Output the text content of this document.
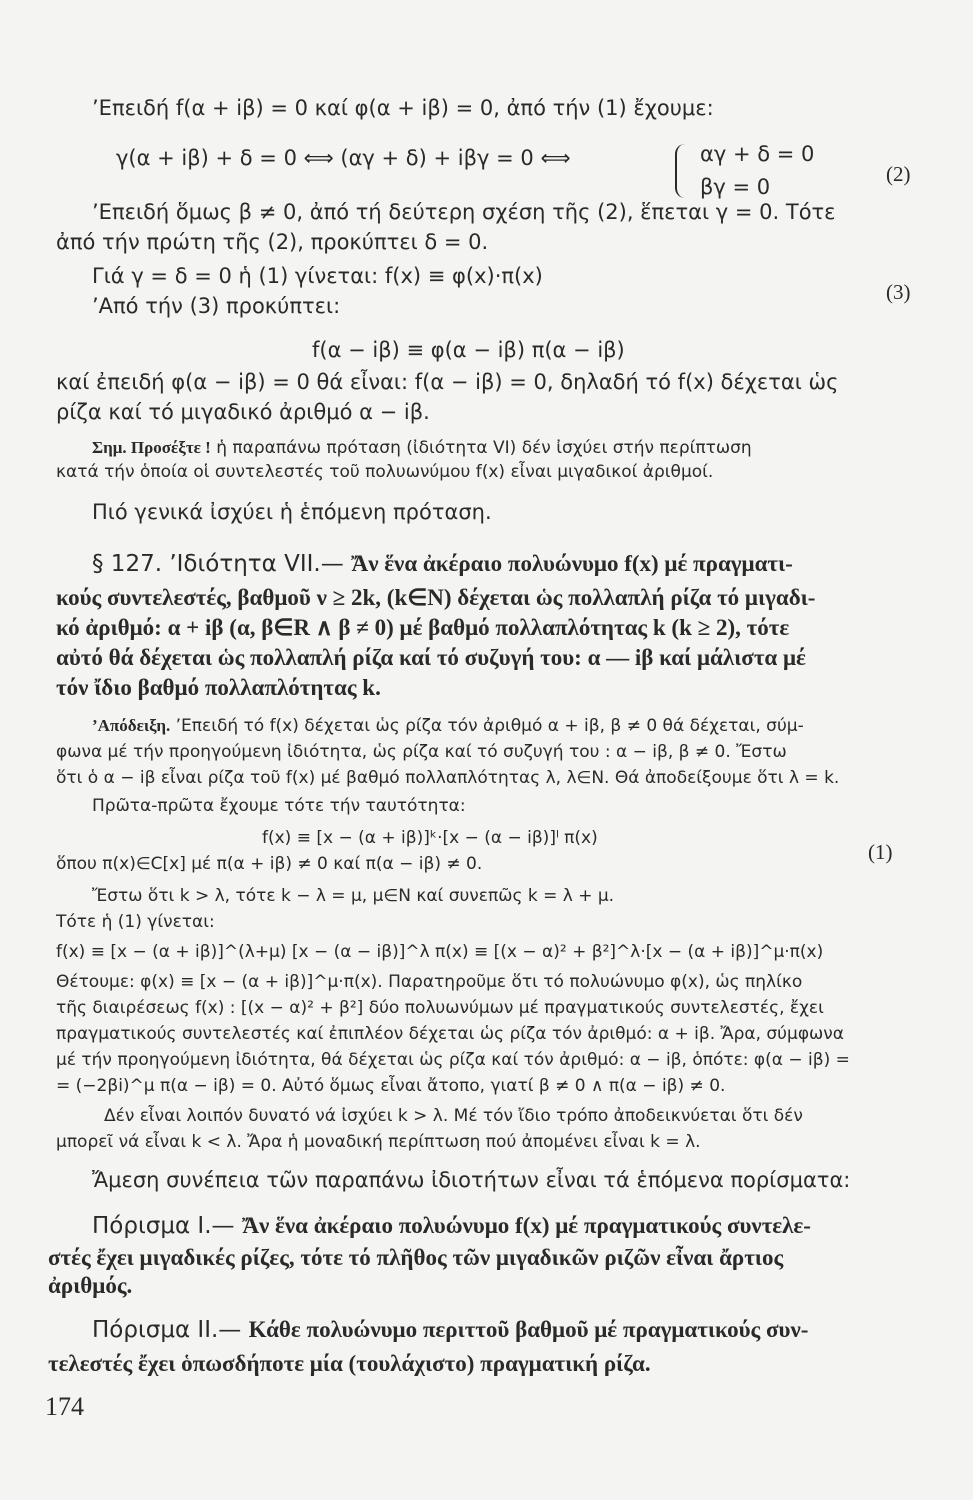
’Επειδή f(α + iβ) = 0 καί φ(α + iβ) = 0, ἀπό τήν (1) ἔχουμε:
γ(α + iβ) + δ = 0 ⟺ (αγ + δ) + iβγ = 0 ⟺	αγ + δ = 0
βγ = 0
(2)
’Επειδή ὅμως β ≠ 0, ἀπό τή δεύτερη σχέση τῆς (2), ἕπεται γ = 0. Τότε
ἀπό τήν πρώτη τῆς (2), προκύπτει δ = 0.
Γιά γ = δ = 0 ἡ (1) γίνεται: f(x) ≡ φ(x)·π(x)
(3)
’Από τήν (3) προκύπτει:
f(α − iβ) ≡ φ(α − iβ) π(α − iβ)
καί ἐπειδή φ(α − iβ) = 0 θά εἶναι: f(α − iβ) = 0, δηλαδή τό f(x) δέχεται ὡς
ρίζα καί τό μιγαδικό ἀριθμό α − iβ.
Σημ. Προσέξτε ! ἡ παραπάνω πρόταση (ἰδιότητα VI) δέν ἰσχύει στήν περίπτωση
κατά τήν ὁποία οἱ συντελεστές τοῦ πολυωνύμου f(x) εἶναι μιγαδικοί ἀριθμοί.
Πιό γενικά ἰσχύει ἡ ἑπόμενη πρόταση.
§ 127. ’Ιδιότητα VII.— Ἄν ἕνα ἀκέραιο πολυώνυμο f(x) μέ πραγματι-
κούς συντελεστές, βαθμοῦ ν ≥ 2k, (k∈N) δέχεται ὡς πολλαπλή ρίζα τό μιγαδι-
κό ἀριθμό: α + iβ (α, β∈R ∧ β ≠ 0) μέ βαθμό πολλαπλότητας k (k ≥ 2), τότε
αὐτό θά δέχεται ὡς πολλαπλή ρίζα καί τό συζυγή του: α — iβ καί μάλιστα μέ
τόν ἴδιο βαθμό πολλαπλότητας k.
’Απόδειξη. ’Επειδή τό f(x) δέχεται ὡς ρίζα τόν ἀριθμό α + iβ, β ≠ 0 θά δέχεται, σύμ-
φωνα μέ τήν προηγούμενη ἰδιότητα, ὡς ρίζα καί τό συζυγή του : α − iβ, β ≠ 0. Ἔστω
ὅτι ὁ α − iβ εἶναι ρίζα τοῦ f(x) μέ βαθμό πολλαπλότητας λ, λ∈N. Θά ἀποδείξουμε ὅτι λ = k.
Πρῶτα-πρῶτα ἔχουμε τότε τήν ταυτότητα:
f(x) ≡ [x − (α + iβ)]ᵏ·[x − (α − iβ)]ˡ π(x)
(1)
ὅπου π(x)∈C[x] μέ π(α + iβ) ≠ 0 καί π(α − iβ) ≠ 0.
Ἔστω ὅτι k > λ, τότε k − λ = μ, μ∈N καί συνεπῶς k = λ + μ.
Τότε ἡ (1) γίνεται:
f(x) ≡ [x − (α + iβ)]^(λ+μ) [x − (α − iβ)]^λ π(x) ≡ [(x − α)² + β²]^λ·[x − (α + iβ)]^μ·π(x)
Θέτουμε: φ(x) ≡ [x − (α + iβ)]^μ·π(x). Παρατηροῦμε ὅτι τό πολυώνυμο φ(x), ὡς πηλίκο
τῆς διαιρέσεως f(x) : [(x − α)² + β²] δύο πολυωνύμων μέ πραγματικούς συντελεστές, ἔχει
πραγματικούς συντελεστές καί ἐπιπλέον δέχεται ὡς ρίζα τόν ἀριθμό: α + iβ. Ἄρα, σύμφωνα
μέ τήν προηγούμενη ἰδιότητα, θά δέχεται ὡς ρίζα καί τόν ἀριθμό: α − iβ, ὁπότε: φ(α − iβ) =
= (−2βi)^μ π(α − iβ) = 0. Αὐτό ὅμως εἶναι ἄτοπο, γιατί β ≠ 0 ∧ π(α − iβ) ≠ 0.
Δέν εἶναι λοιπόν δυνατό νά ἰσχύει k > λ. Μέ τόν ἴδιο τρόπο ἀποδεικνύεται ὅτι δέν
μπορεῖ νά εἶναι k < λ. Ἄρα ἡ μοναδική περίπτωση πού ἀπομένει εἶναι k = λ.
Ἄμεση συνέπεια τῶν παραπάνω ἰδιοτήτων εἶναι τά ἑπόμενα πορίσματα:
Πόρισμα Ι.— Ἄν ἕνα ἀκέραιο πολυώνυμο f(x) μέ πραγματικούς συντελε-
στές ἔχει μιγαδικές ρίζες, τότε τό πλῆθος τῶν μιγαδικῶν ριζῶν εἶναι ἄρτιος
ἀριθμός.
Πόρισμα ΙΙ.— Κάθε πολυώνυμο περιττοῦ βαθμοῦ μέ πραγματικούς συν-
τελεστές ἔχει ὁπωσδήποτε μία (τουλάχιστο) πραγματική ρίζα.
174
